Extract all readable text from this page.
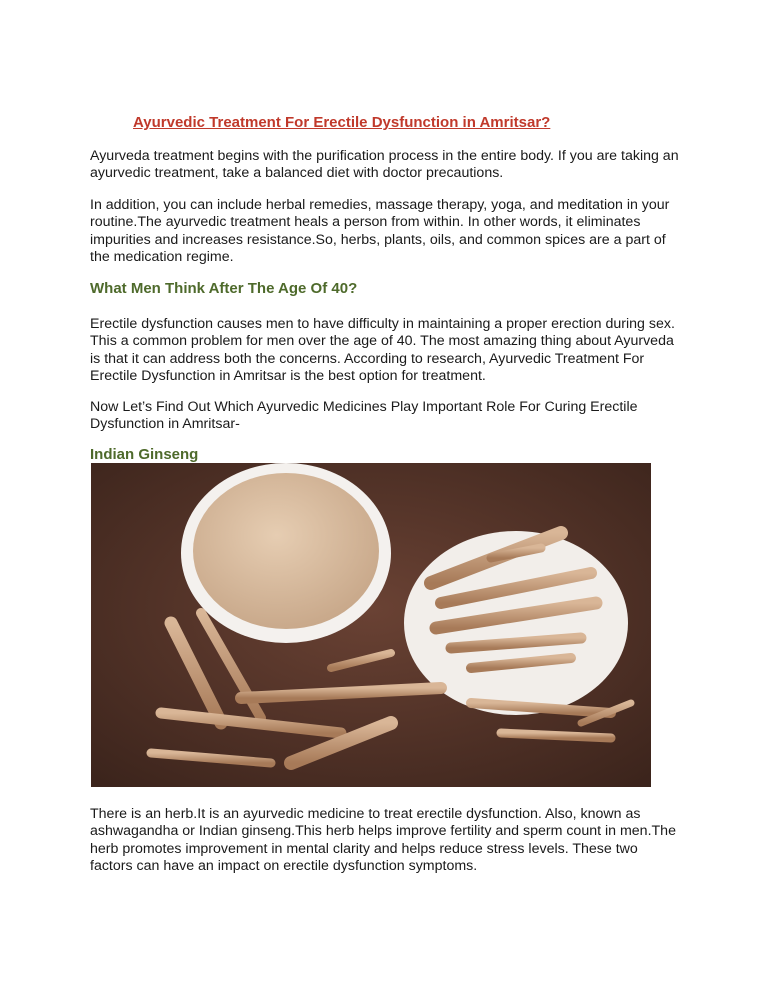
Ayurvedic Treatment For Erectile Dysfunction in Amritsar?

Ayurveda treatment begins with the purification process in the entire body. If you are taking an ayurvedic treatment, take a balanced diet with doctor precautions.

In addition, you can include herbal remedies, massage therapy, yoga, and meditation in your routine.The ayurvedic treatment heals a person from within. In other words, it eliminates impurities and increases resistance.So, herbs, plants, oils, and common spices are a part of the medication regime.

What Men Think After The Age Of 40?

Erectile dysfunction causes men to have difficulty in maintaining a proper erection during sex. This a common problem for men over the age of 40. The most amazing thing about Ayurveda is that it can address both the concerns. According to research, Ayurvedic Treatment For Erectile Dysfunction in Amritsar is the best option for treatment.

Now Let’s Find Out Which Ayurvedic Medicines Play Important Role For Curing Erectile Dysfunction in Amritsar-

Indian Ginseng

There is an herb.It is an ayurvedic medicine to treat erectile dysfunction. Also, known as ashwagandha or Indian ginseng.This herb helps improve fertility and sperm count in men.The herb promotes improvement in mental clarity and helps reduce stress levels. These two factors can have an impact on erectile dysfunction symptoms.
